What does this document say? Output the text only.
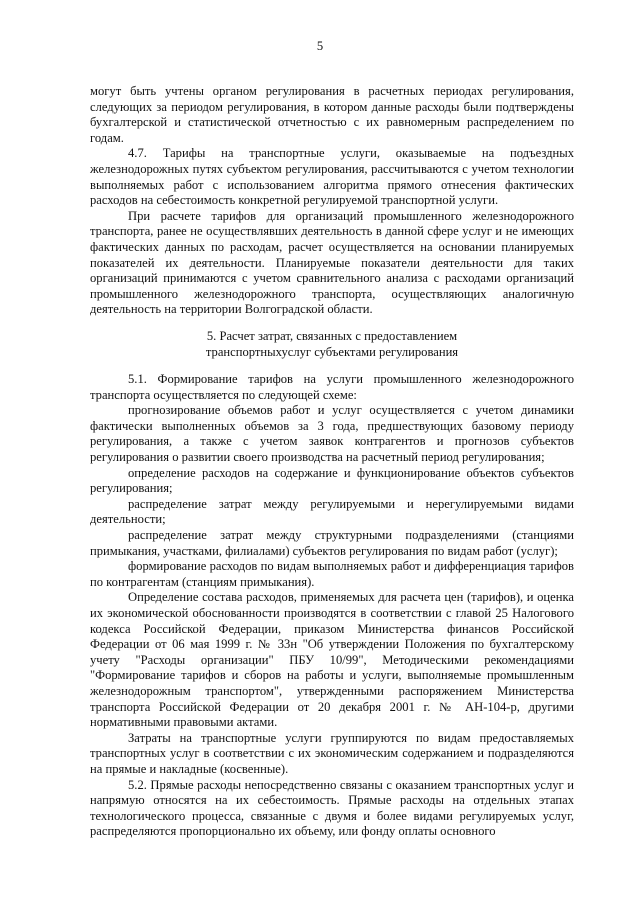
5

могут быть учтены органом регулирования в расчетных периодах регулирования, следующих за периодом регулирования, в котором данные расходы были подтверждены бухгалтерской и статистической отчетностью с их равномерным распределением по годам.

4.7. Тарифы на транспортные услуги, оказываемые на подъездных железнодорожных путях субъектом регулирования, рассчитываются с учетом технологии выполняемых работ с использованием алгоритма прямого отнесения фактических расходов на себестоимость конкретной регулируемой транспортной услуги.

При расчете тарифов для организаций промышленного железнодорожного транспорта, ранее не осуществлявших деятельность в данной сфере услуг и не имеющих фактических данных по расходам, расчет осуществляется на основании планируемых показателей их деятельности. Планируемые показатели деятельности для таких организаций принимаются с учетом сравнительного анализа с расходами организаций промышленного железнодорожного транспорта, осуществляющих аналогичную деятельность на территории Волгоградской области.

5. Расчет затрат, связанных с предоставлением
транспортныхуслуг субъектами регулирования

5.1. Формирование тарифов на услуги промышленного железнодорожного транспорта осуществляется по следующей схеме:

прогнозирование объемов работ и услуг осуществляется с учетом динамики фактически выполненных объемов за 3 года, предшествующих базовому периоду регулирования, а также с учетом заявок контрагентов и прогнозов субъектов регулирования о развитии своего производства на расчетный период регулирования;

определение расходов на содержание и функционирование объектов субъектов регулирования;

распределение затрат между регулируемыми и нерегулируемыми видами деятельности;

распределение затрат между структурными подразделениями (станциями примыкания, участками, филиалами) субъектов регулирования по видам работ (услуг);

формирование расходов по видам выполняемых работ и дифференциация тарифов по контрагентам (станциям примыкания).

Определение состава расходов, применяемых для расчета цен (тарифов), и оценка их экономической обоснованности производятся в соответствии с главой 25 Налогового кодекса Российской Федерации, приказом Министерства финансов Российской Федерации от 06 мая 1999 г. № 33н "Об утверждении Положения по бухгалтерскому учету "Расходы организации" ПБУ 10/99", Методическими рекомендациями "Формирование тарифов и сборов на работы и услуги, выполняемые промышленным железнодорожным транспортом", утвержденными распоряжением Министерства транспорта Российской Федерации от 20 декабря 2001 г. № АН-104-р, другими нормативными правовыми актами.

Затраты на транспортные услуги группируются по видам предоставляемых транспортных услуг в соответствии с их экономическим содержанием и подразделяются на прямые и накладные (косвенные).

5.2. Прямые расходы непосредственно связаны с оказанием транспортных услуг и напрямую относятся на их себестоимость. Прямые расходы на отдельных этапах технологического процесса, связанные с двумя и более видами регулируемых услуг, распределяются пропорционально их объему, или фонду оплаты основного
